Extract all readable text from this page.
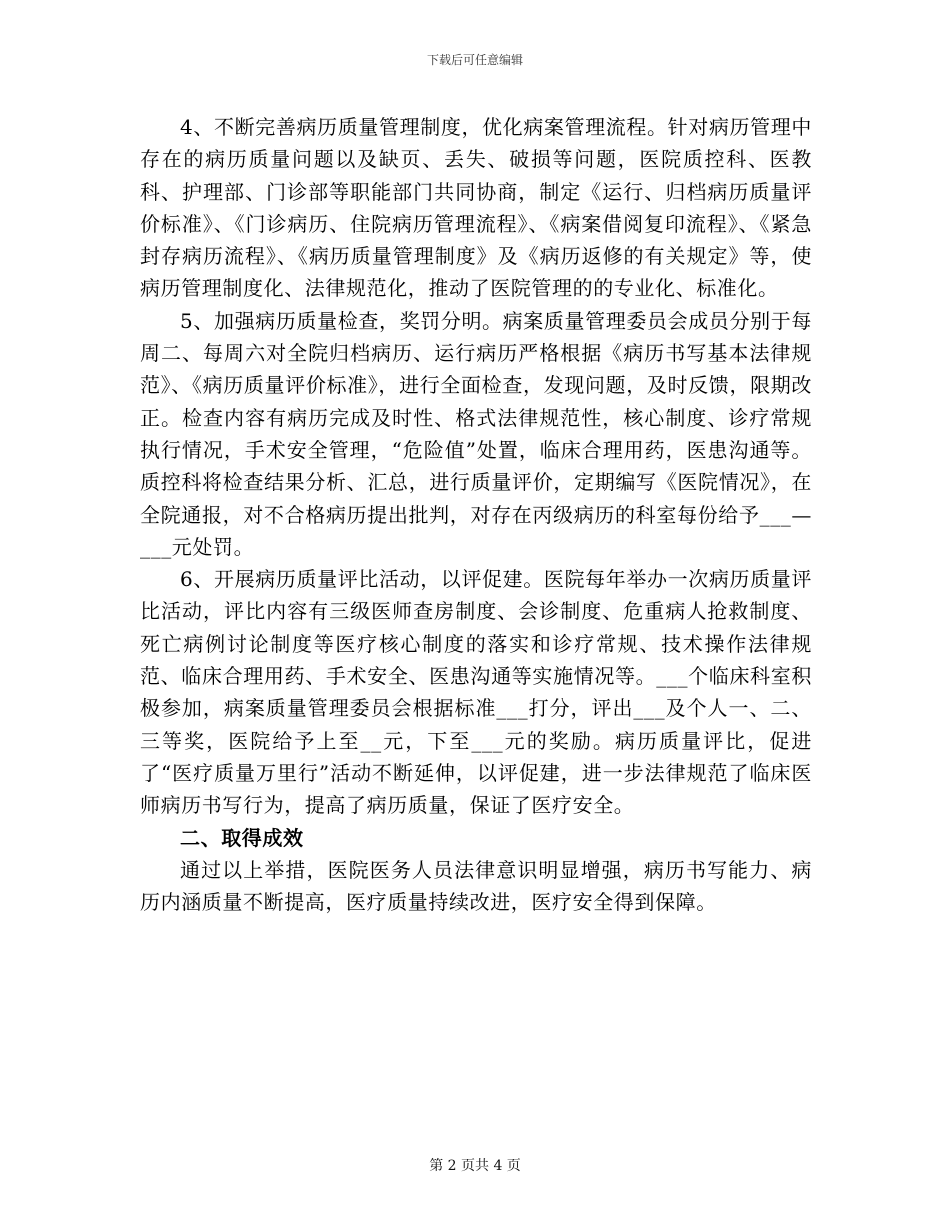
下载后可任意编辑

4、不断完善病历质量管理制度，优化病案管理流程。针对病历管理中存在的病历质量问题以及缺页、丢失、破损等问题，医院质控科、医教科、护理部、门诊部等职能部门共同协商，制定《运行、归档病历质量评价标准》、《门诊病历、住院病历管理流程》、《病案借阅复印流程》、《紧急封存病历流程》、《病历质量管理制度》及《病历返修的有关规定》等，使病历管理制度化、法律规范化，推动了医院管理的的专业化、标准化。

5、加强病历质量检查，奖罚分明。病案质量管理委员会成员分别于每周二、每周六对全院归档病历、运行病历严格根据《病历书写基本法律规范》、《病历质量评价标准》，进行全面检查，发现问题，及时反馈，限期改正。检查内容有病历完成及时性、格式法律规范性，核心制度、诊疗常规执行情况，手术安全管理，“危险值”处置，临床合理用药，医患沟通等。质控科将检查结果分析、汇总，进行质量评价，定期编写《医院情况》，在全院通报，对不合格病历提出批判，对存在丙级病历的科室每份给予___—___元处罚。

6、开展病历质量评比活动，以评促建。医院每年举办一次病历质量评比活动，评比内容有三级医师查房制度、会诊制度、危重病人抢救制度、死亡病例讨论制度等医疗核心制度的落实和诊疗常规、技术操作法律规范、临床合理用药、手术安全、医患沟通等实施情况等。___个临床科室积极参加，病案质量管理委员会根据标准___打分，评出___及个人一、二、三等奖，医院给予上至__元，下至___元的奖励。病历质量评比，促进了“医疗质量万里行”活动不断延伸，以评促建，进一步法律规范了临床医师病历书写行为，提高了病历质量，保证了医疗安全。

二、取得成效

通过以上举措，医院医务人员法律意识明显增强，病历书写能力、病历内涵质量不断提高，医疗质量持续改进，医疗安全得到保障。

第 2 页共 4 页
